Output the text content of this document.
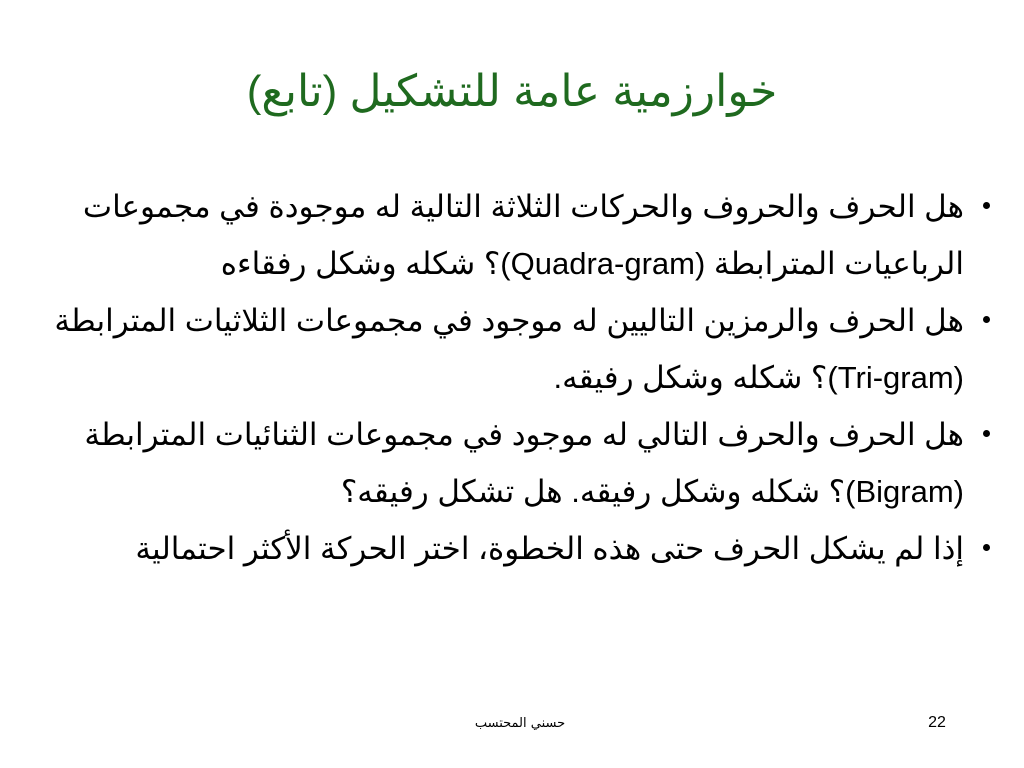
خوارزمية عامة للتشكيل (تابع)
هل الحرف والحروف والحركات الثلاثة التالية له موجودة في مجموعات الرباعيات المترابطة (Quadra-gram)؟ شكله وشكل رفقاءه
هل الحرف والرمزين التاليين له موجود في مجموعات الثلاثيات المترابطة (Tri-gram)؟ شكله وشكل رفيقه.
هل الحرف والحرف التالي له موجود في مجموعات الثنائيات المترابطة (Bigram)؟ شكله وشكل رفيقه. هل تشكل رفيقه؟
إذا لم يشكل الحرف حتى هذه الخطوة، اختر الحركة الأكثر احتمالية
حسني المحتسب	22
